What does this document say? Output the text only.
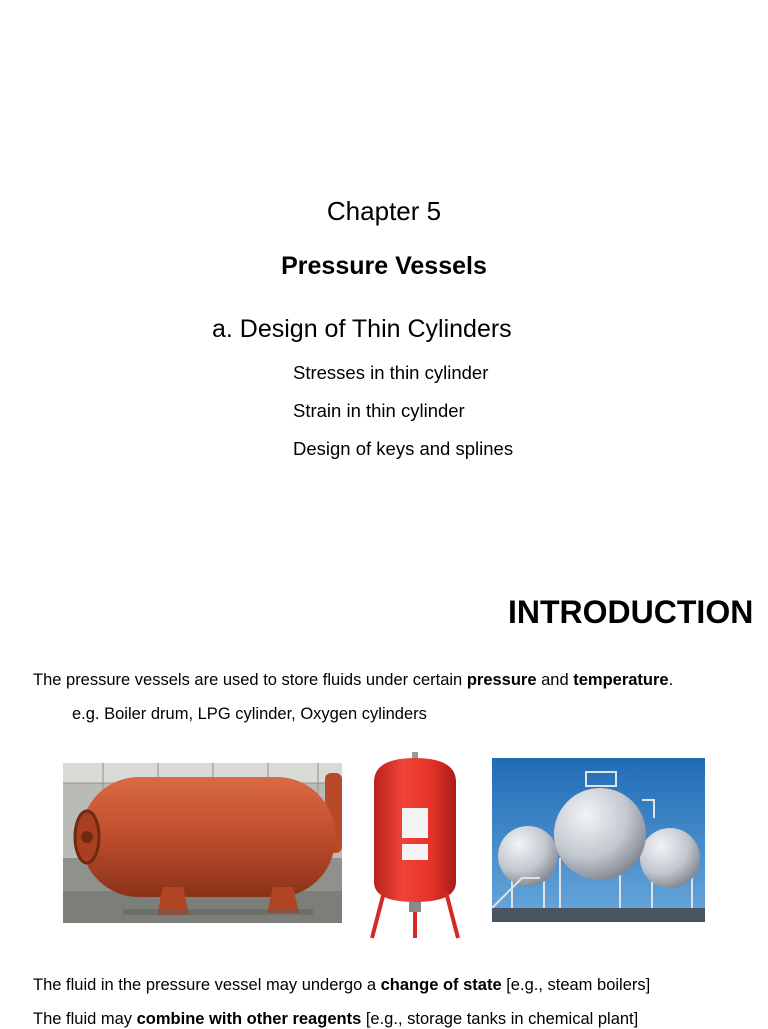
Chapter 5
Pressure Vessels
a. Design of Thin Cylinders
Stresses in thin cylinder
Strain in thin cylinder
Design of keys and splines
INTRODUCTION
The pressure vessels are used to store fluids under certain pressure and temperature.
e.g. Boiler drum, LPG cylinder, Oxygen cylinders
The fluid in the pressure vessel may undergo a change of state [e.g., steam boilers]
The fluid may combine with other reagents [e.g., storage tanks in chemical plant]
